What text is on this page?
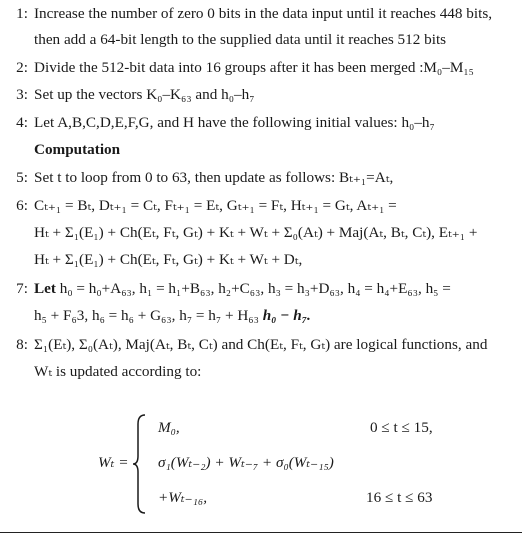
1: Increase the number of zero 0 bits in the data input until it reaches 448 bits,
then add a 64-bit length to the supplied data until it reaches 512 bits
2: Divide the 512-bit data into 16 groups after it has been merged :M₀–M₁₅
3: Set up the vectors K₀–K₆₃ and h₀–h₇
4: Let A,B,C,D,E,F,G, and H have the following initial values: h₀–h₇
Computation
5: Set t to loop from 0 to 63, then update as follows: Bₜ₊₁=Aₜ,
6: Cₜ₊₁ = Bₜ, Dₜ₊₁ = Cₜ, Fₜ₊₁ = Eₜ, Gₜ₊₁ = Fₜ, Hₜ₊₁ = Gₜ, Aₜ₊₁ =
Hₜ + Σ₁(E₁) + Ch(Eₜ, Fₜ, Gₜ) + Kₜ + Wₜ + Σ₀(Aₜ) + Maj(Aₜ, Bₜ, Cₜ), Eₜ₊₁ +
Hₜ + Σ₁(E₁) + Ch(Eₜ, Fₜ, Gₜ) + Kₜ + Wₜ + Dₜ,
7: Let h₀ = h₀+A₆₃, h₁ = h₁+B₆₃, h₂+C₆₃, h₃ = h₃+D₆₃, h₄ = h₄+E₆₃, h₅ =
h₅ + F₆3, h₆ = h₆ + G₆₃, h₇ = h₇ + H₆₃ h₀ − h₇.
8: Σ₁(Eₜ), Σ₀(Aₜ), Maj(Aₜ, Bₜ, Cₜ) and Ch(Eₜ, Fₜ, Gₜ) are logical functions, and
Wₜ is updated according to:
Wₜ =
M₀,	0 ≤ t ≤ 15,
σ₁(Wₜ₋₂) + Wₜ₋₇ + σ₀(Wₜ₋₁₅)
+Wₜ₋₁₆,	16 ≤ t ≤ 63
